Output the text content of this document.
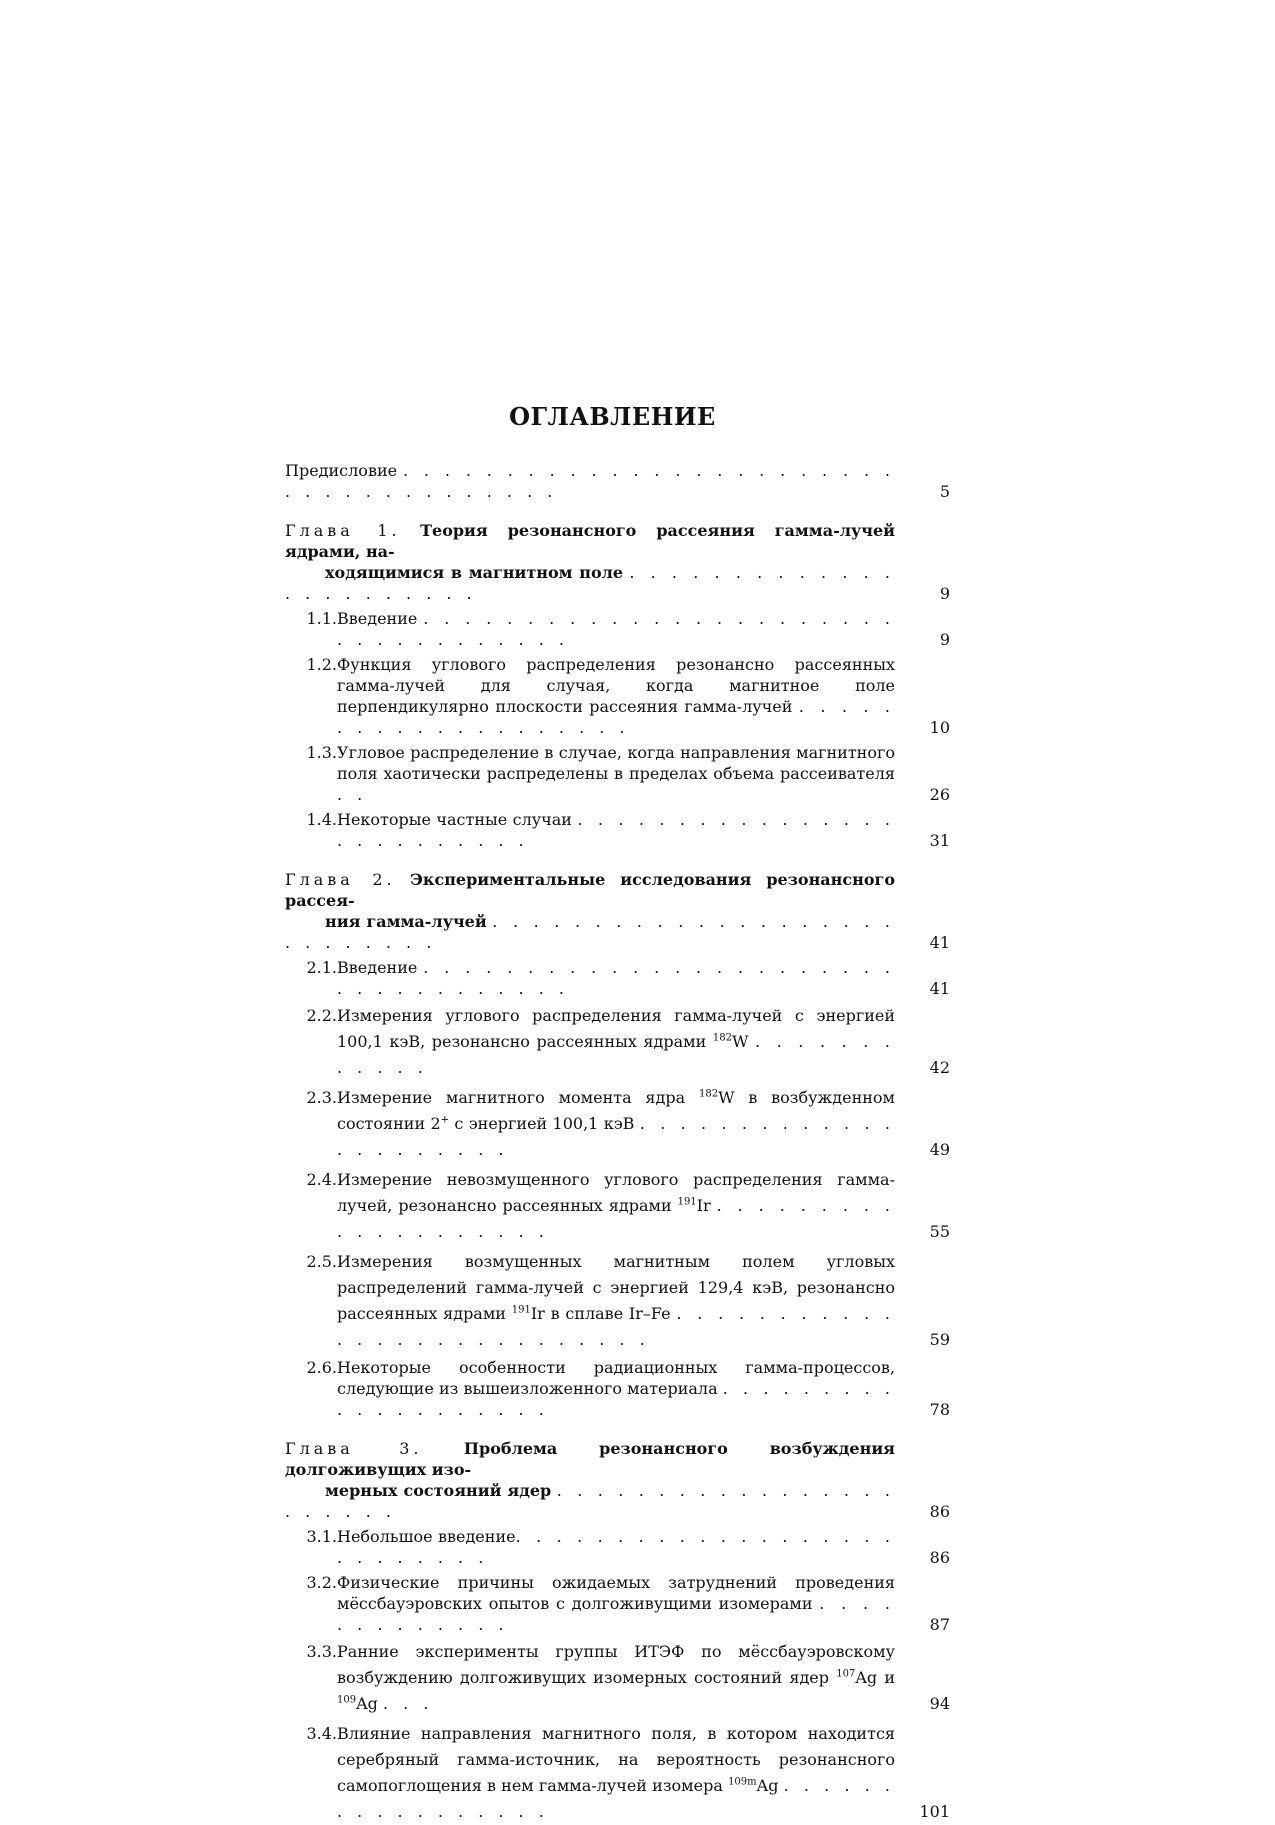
ОГЛАВЛЕНИЕ
Предисловие . . . . . . . . . . . . . . . . . . . . . . . . . . . . . . . . . . . . . .	5
Глава 1. Теория резонансного рассеяния гамма-лучей ядрами, на-
ходящимися в магнитном поле . . . . . . . . . . . . . . . . . . . . . . .	9
1.1. Введение . . . . . . . . . . . . . . . . . . . . . . . . . . . . . . . . . . .	9
1.2. Функция углового распределения резонансно рассеянных гамма-лучей для случая, когда магнитное поле перпендикулярно плоскости рассеяния гамма-лучей . . . . . . . . . . . . . . . . . . . .	10
1.3. Угловое распределение в случае, когда направления магнитного поля хаотически распределены в пределах объема рассеивателя . .	26
1.4. Некоторые частные случаи . . . . . . . . . . . . . . . . . . . . . . . . . .	31
Глава 2. Экспериментальные исследования резонансного рассея-
ния гамма-лучей . . . . . . . . . . . . . . . . . . . . . . . . . . . .	41
2.1. Введение . . . . . . . . . . . . . . . . . . . . . . . . . . . . . . . . . . .	41
2.2. Измерения углового распределения гамма-лучей с энергией 100,1 кэВ, резонансно рассеянных ядрами $^{182}$W . . . . . . . . . . . .	42
2.3. Измерение магнитного момента ядра $^{182}$W в возбужденном состоянии 2+ с энергией 100,1 кэВ . . . . . . . . . . . . . . . . . . . . . .	49
2.4. Измерение невозмущенного углового распределения гамма-лучей, резонансно рассеянных ядрами $^{191}$Ir . . . . . . . . . . . . . . . . . . . .	55
2.5. Измерения возмущенных магнитным полем угловых распределений гамма-лучей с энергией 129,4 кэВ, резонансно рассеянных ядрами $^{191}$Ir в сплаве Ir–Fe . . . . . . . . . . . . . . . . . . . . . . . . . . .	59
2.6. Некоторые особенности радиационных гамма-процессов, следующие из вышеизложенного материала . . . . . . . . . . . . . . . . . . . .	78
Глава 3.	Проблема резонансного возбуждения долгоживущих изо-
мерных состояний ядер . . . . . . . . . . . . . . . . . . . . . . .	86
3.1. Небольшое введение. . . . . . . . . . . . . . . . . . . . . . . . . . .	86
3.2. Физические причины ожидаемых затруднений проведения мёссбауэровских опытов с долгоживущими изомерами . . . . . . . . . . . . .	87
3.3. Ранние эксперименты группы ИТЭФ по мёссбауэровскому возбуждению долгоживущих изомерных состояний ядер $^{107}$Ag и $^{109}$Ag . . .	94
3.4. Влияние направления магнитного поля, в котором находится серебряный гамма-источник, на вероятность резонансного самопоглощения в нем гамма-лучей изомера $^{109m}$Ag . . . . . . . . . . . . . . . . .	101
